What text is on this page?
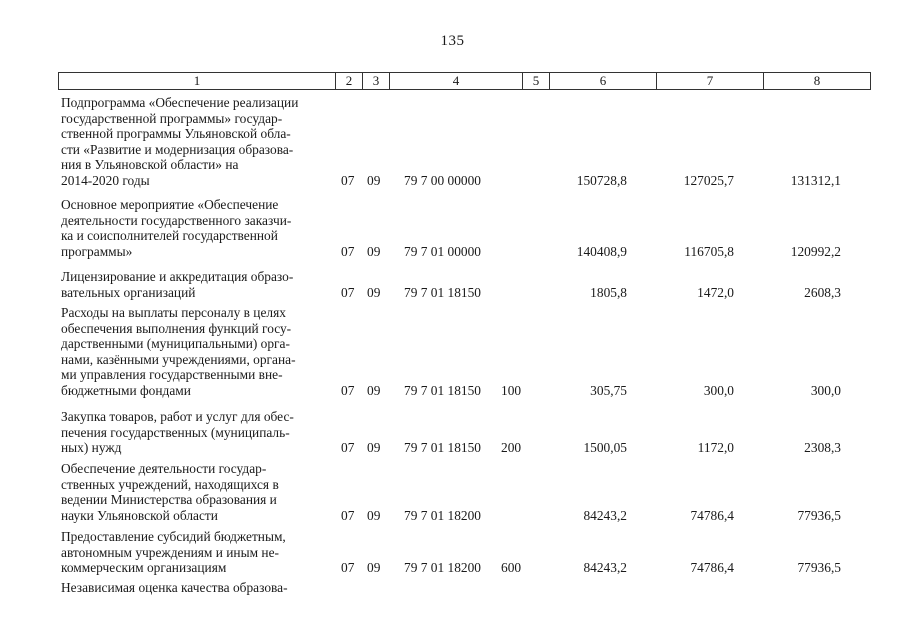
135
1	2	3	4	5	6	7	8
Подпрограмма «Обеспечение реализации
государственной программы» государ-
ственной программы Ульяновской обла-
сти «Развитие и модернизация образова-
ния в Ульяновской области» на
2014-2020 годы	07 09 79 7 00 00000	150728,8	127025,7	131312,1
Основное мероприятие «Обеспечение
деятельности государственного заказчи-
ка и соисполнителей государственной
программы»	07 09 79 7 01 00000	140408,9	116705,8	120992,2
Лицензирование и аккредитация образо-
вательных организаций	07 09 79 7 01 18150	1805,8	1472,0	2608,3
Расходы на выплаты персоналу в целях
обеспечения выполнения функций госу-
дарственными (муниципальными) орга-
нами, казёнными учреждениями, органа-
ми управления государственными вне-
бюджетными фондами	07 09 79 7 01 18150 100	305,75	300,0	300,0
Закупка товаров, работ и услуг для обес-
печения государственных (муниципаль-
ных) нужд	07 09 79 7 01 18150 200	1500,05	1172,0	2308,3
Обеспечение деятельности государ-
ственных учреждений, находящихся в
ведении Министерства образования и
науки Ульяновской области	07 09 79 7 01 18200	84243,2	74786,4	77936,5
Предоставление субсидий бюджетным,
автономным учреждениям и иным не-
коммерческим организациям	07 09 79 7 01 18200 600	84243,2	74786,4	77936,5
Независимая оценка качества образова-
